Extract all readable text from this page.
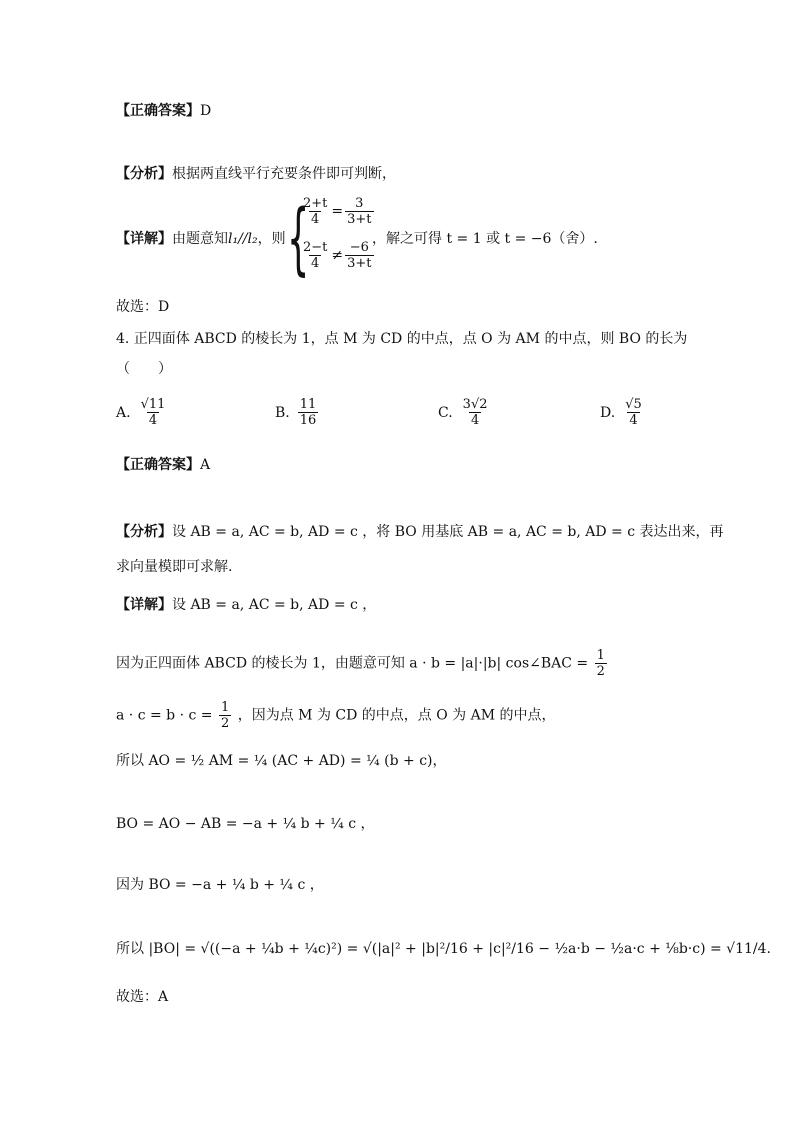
【正确答案】D
【分析】根据两直线平行充要条件即可判断，
【详解】由题意知l₁//l₂，则 {
$\frac{2+t}{4} = \frac{3}{3+t}$
$\frac{2-t}{4} \ne \frac{-6}{3+t}$
，解之可得 t = 1 或 t = −6（舍）.
故选：D
4. 正四面体 ABCD 的棱长为 1，点 M 为 CD 的中点，点 O 为 AM 的中点，则 BO 的长为
（　　）
A. $\frac{√11}{4}$	B. $\frac{11}{16}$	C. $\frac{3√2}{4}$	D. $\frac{√5}{4}$
【正确答案】A
【分析】设 AB = a, AC = b, AD = c ，将 BO 用基底 AB = a, AC = b, AD = c 表达出来，再
求向量模即可求解.
【详解】设 AB = a, AC = b, AD = c ，
因为正四面体 ABCD 的棱长为 1，由题意可知 a · b = |a|·|b| cos∠BAC = $\frac{1}{2}$
$a \cdot c = b \cdot c = \frac{1}{2}$ ，因为点 M 为 CD 的中点，点 O 为 AM 的中点，
所以 AO = ½ AM = ¼ (AC + AD) = ¼ (b + c)，
BO = AO − AB = −a + ¼ b + ¼ c ，
因为 BO = −a + ¼ b + ¼ c ，
所以 |BO| = √((−a + ¼b + ¼c)²) = √(|a|² + |b|²/16 + |c|²/16 − ½a·b − ½a·c + ⅛b·c) = √11/4.
故选：A
